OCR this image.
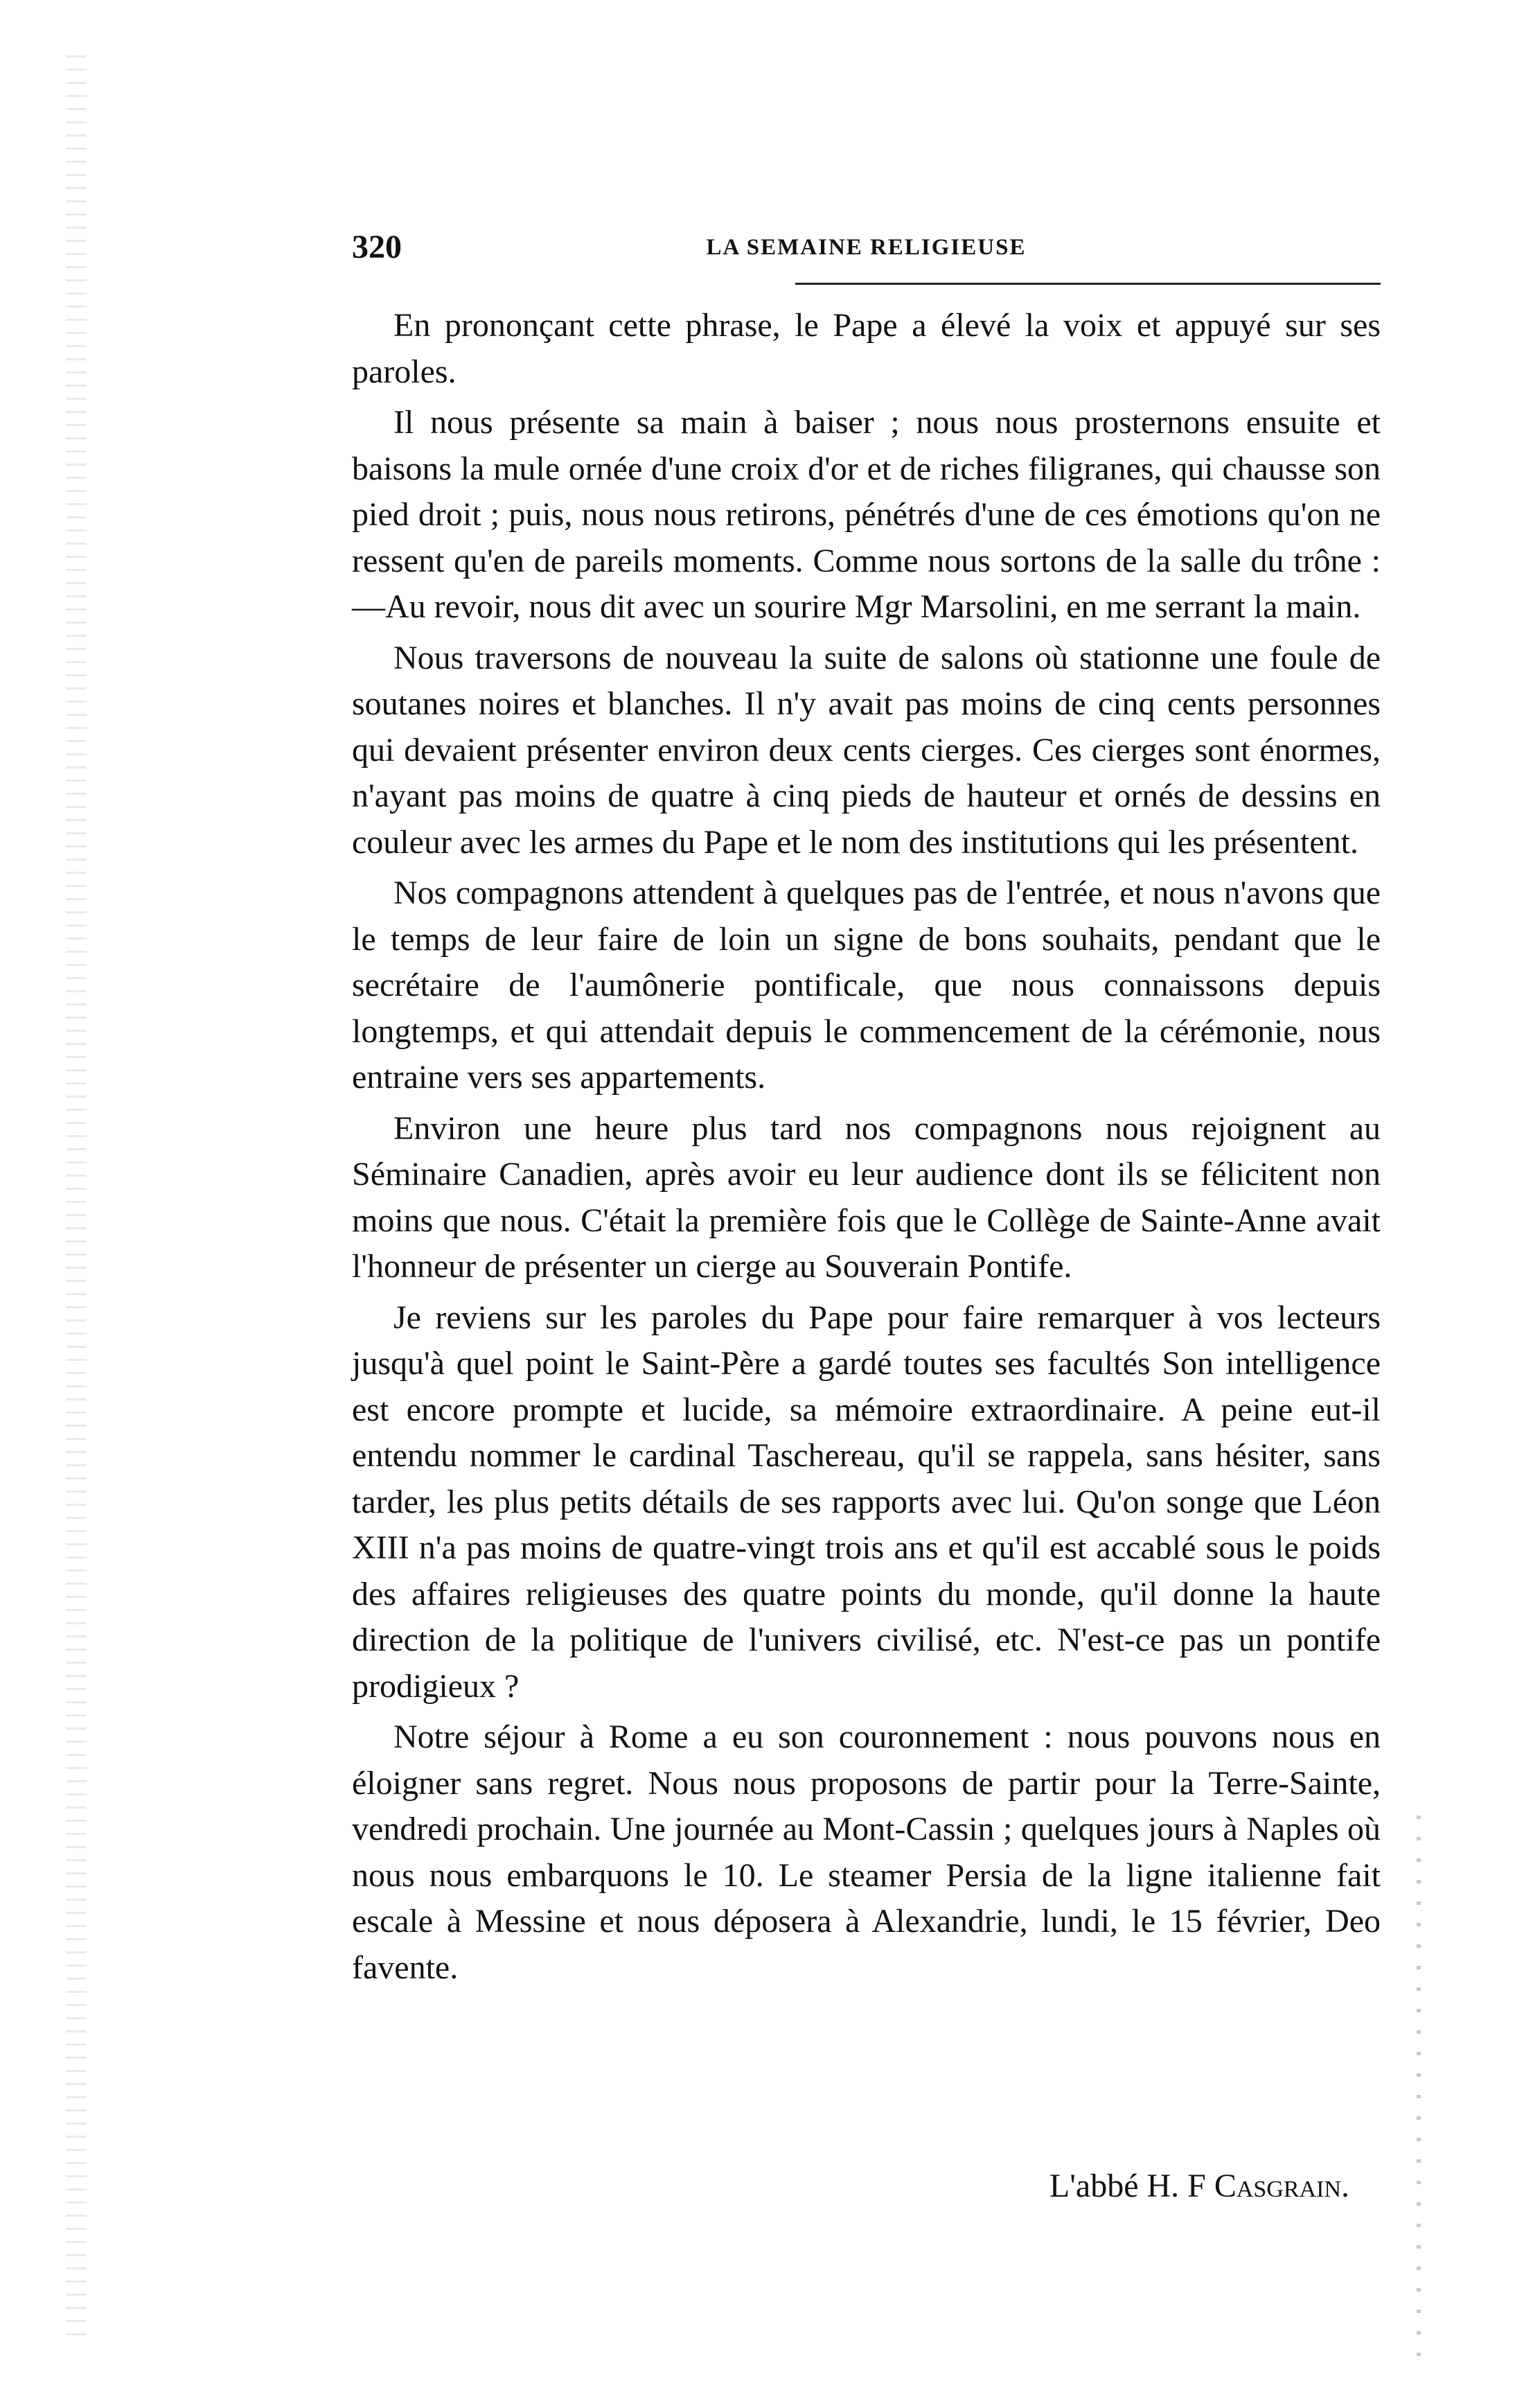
320	LA SEMAINE RELIGIEUSE

En prononçant cette phrase, le Pape a élevé la voix et appuyé sur ses paroles.

Il nous présente sa main à baiser ; nous nous prosternons ensuite et baisons la mule ornée d'une croix d'or et de riches filigranes, qui chausse son pied droit ; puis, nous nous retirons, pénétrés d'une de ces émotions qu'on ne ressent qu'en de pareils moments. Comme nous sortons de la salle du trône :—Au revoir, nous dit avec un sourire Mgr Marsolini, en me serrant la main.

Nous traversons de nouveau la suite de salons où stationne une foule de soutanes noires et blanches. Il n'y avait pas moins de cinq cents personnes qui devaient présenter environ deux cents cierges. Ces cierges sont énormes, n'ayant pas moins de quatre à cinq pieds de hauteur et ornés de dessins en couleur avec les armes du Pape et le nom des institutions qui les présentent.

Nos compagnons attendent à quelques pas de l'entrée, et nous n'avons que le temps de leur faire de loin un signe de bons souhaits, pendant que le secrétaire de l'aumônerie pontificale, que nous connaissons depuis longtemps, et qui attendait depuis le commencement de la cérémonie, nous entraine vers ses appartements.

Environ une heure plus tard nos compagnons nous rejoignent au Séminaire Canadien, après avoir eu leur audience dont ils se félicitent non moins que nous. C'était la première fois que le Collège de Sainte-Anne avait l'honneur de présenter un cierge au Souverain Pontife.

Je reviens sur les paroles du Pape pour faire remarquer à vos lecteurs jusqu'à quel point le Saint-Père a gardé toutes ses facultés Son intelligence est encore prompte et lucide, sa mémoire extraordinaire. A peine eut-il entendu nommer le cardinal Taschereau, qu'il se rappela, sans hésiter, sans tarder, les plus petits détails de ses rapports avec lui. Qu'on songe que Léon XIII n'a pas moins de quatre-vingt trois ans et qu'il est accablé sous le poids des affaires religieuses des quatre points du monde, qu'il donne la haute direction de la politique de l'univers civilisé, etc. N'est-ce pas un pontife prodigieux ?

Notre séjour à Rome a eu son couronnement : nous pouvons nous en éloigner sans regret. Nous nous proposons de partir pour la Terre-Sainte, vendredi prochain. Une journée au Mont-Cassin ; quelques jours à Naples où nous nous embarquons le 10. Le steamer Persia de la ligne italienne fait escale à Messine et nous déposera à Alexandrie, lundi, le 15 février, Deo favente.

L'abbé H. F Casgrain.
